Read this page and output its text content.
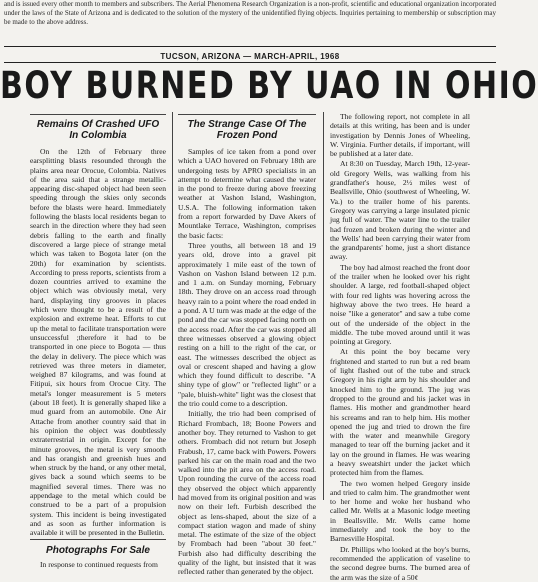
and is issued every other month to members and subscribers. The Aerial Phenomena Research Organization is a non-profit, scientific and educational organization incorporated under the laws of the State of Arizona and is dedicated to the solution of the mystery of the unidentified flying objects. Inquiries pertaining to membership or subscription may be made to the above address.
TUCSON, ARIZONA — MARCH-APRIL, 1968
BOY BURNED BY UAO IN OHIO
Remains Of Crashed UFO
In Colombia

On the 12th of February three earsplitting blasts resounded through the plains area near Orocue, Colombia. Natives of the area said that a strange metallic-appearing disc-shaped object had been seen speeding through the skies only seconds before the blasts were heard. Immediately following the blasts local residents began to search in the direction where they had seen debris falling to the earth and finally discovered a large piece of strange metal which was taken to Bogota later (on the 20th) for examination by scientists. According to press reports, scientists from a dozen countries arrived to examine the object which was obviously metal, very hard, displaying tiny grooves in places which were thought to be a result of the explosion and extreme heat. Efforts to cut up the metal to facilitate transportation were unsuccessful ;therefore it had to be transported in one piece to Bogota — thus the delay in delivery. The piece which was retrieved was three meters in diameter, weighed 87 kilograms, and was found at Fitipui, six hours from Orocue City. The metal's longer measurement is 5 meters (about 18 feet). It is generally shaped like a mud guard from an automobile. One Air Attache from another country said that in his opinion the object was doubtlessly extraterrestrial in origin. Except for the minute grooves, the metal is very smooth and has orangish and greenish hues and when struck by the hand, or any other metal, gives back a sound which seems to be magnified several times. There was no appendage to the metal which could be construed to be a part of a propulsion system. This incident is being investigated and as soon as further information is available it will be presented in the Bulletin.

Photographs For Sale

In response to continued requests from

The Strange Case Of The
Frozen Pond

Samples of ice taken from a pond over which a UAO hovered on February 18th are undergoing tests by APRO specialists in an attempt to determine what caused the water in the pond to freeze during above freezing weather at Vashon Island, Washington, U.S.A. The following information taken from a report forwarded by Dave Akers of Mountlake Terrace, Washington, comprises the basic facts:

Three youths, all between 18 and 19 years old, drove into a gravel pit approximately 1 mile east of the town of Vashon on Vashon Island between 12 p.m. and 1 a.m. on Sunday morning, February 18th. They drove on an access road through heavy rain to a point where the road ended in a pond. A U turn was made at the edge of the pond and the car was stopped facing north on the access road. After the car was stopped all three witnesses observed a glowing object resting on a hill to the right of the car, or east. The witnesses described the object as oval or crescent shaped and having a glow which they found difficult to describe. "A shiny type of glow" or "reflected light" or a "pale, bluish-white" light was the closest that the trio could come to a description.

Initially, the trio had been comprised of Richard Frombach, 18; Boone Powers and another boy. They returned to Vashon to get others. Frombach did not return but Joseph Frabush, 17, came back with Powers. Powers parked his car on the main road and the two walked into the pit area on the access road. Upon rounding the curve of the access road they observed the object which apparently had moved from its original position and was now on their left. Furbish described the object as lens-shaped, about the size of a compact station wagon and made of shiny metal. The estimate of the size of the object by Frombach had been "about 30 feet." Furbish also had difficulty describing the quality of the light, but insisted that it was reflected rather than generated by the object.

The following report, not complete in all details at this writing, has been and is under investigation by Dennis Jones of Wheeling, W. Virginia. Further details, if important, will be published at a later date.

At 8:30 on Tuesday, March 19th, 12-year-old Gregory Wells, was walking from his grandfather's house, 2½ miles west of Beallsville, Ohio (southwest of Wheeling, W. Va.) to the trailer home of his parents. Gregory was carrying a large insulated picnic jug full of water. The water line to the trailer had frozen and broken during the winter and the Wells' had been carrying their water from the grandparents' home, just a short distance away.

The boy had almost reached the front door of the trailer when he looked over his right shoulder. A large, red football-shaped object with four red lights was hovering across the highway above the two trees. He heard a noise "like a generator" and saw a tube come out of the underside of the object in the middle. The tube moved around until it was pointing at Gregory.

At this point the boy became very frightened and started to run but a red beam of light flashed out of the tube and struck Gregory in his right arm by his shoulder and knocked him to the ground. The jug was dropped to the ground and his jacket was in flames. His mother and grandmother heard his screams and ran to help him. His mother opened the jug and tried to drown the fire with the water and meanwhile Gregory managed to tear off the burning jacket and it lay on the ground in flames. He was wearing a heavy sweatshirt under the jacket which protected him from the flames.

The two women helped Gregory inside and tried to calm him. The grandmother went to her home and woke her husband who called Mr. Wells at a Masonic lodge meeting in Beallsville. Mr. Wells came home immediately and took the boy to the Barnesville Hospital.

Dr. Phillips who looked at the boy's burns, recommended the application of vaseline to the second degree burns. The burned area of the arm was the size of a 50¢
